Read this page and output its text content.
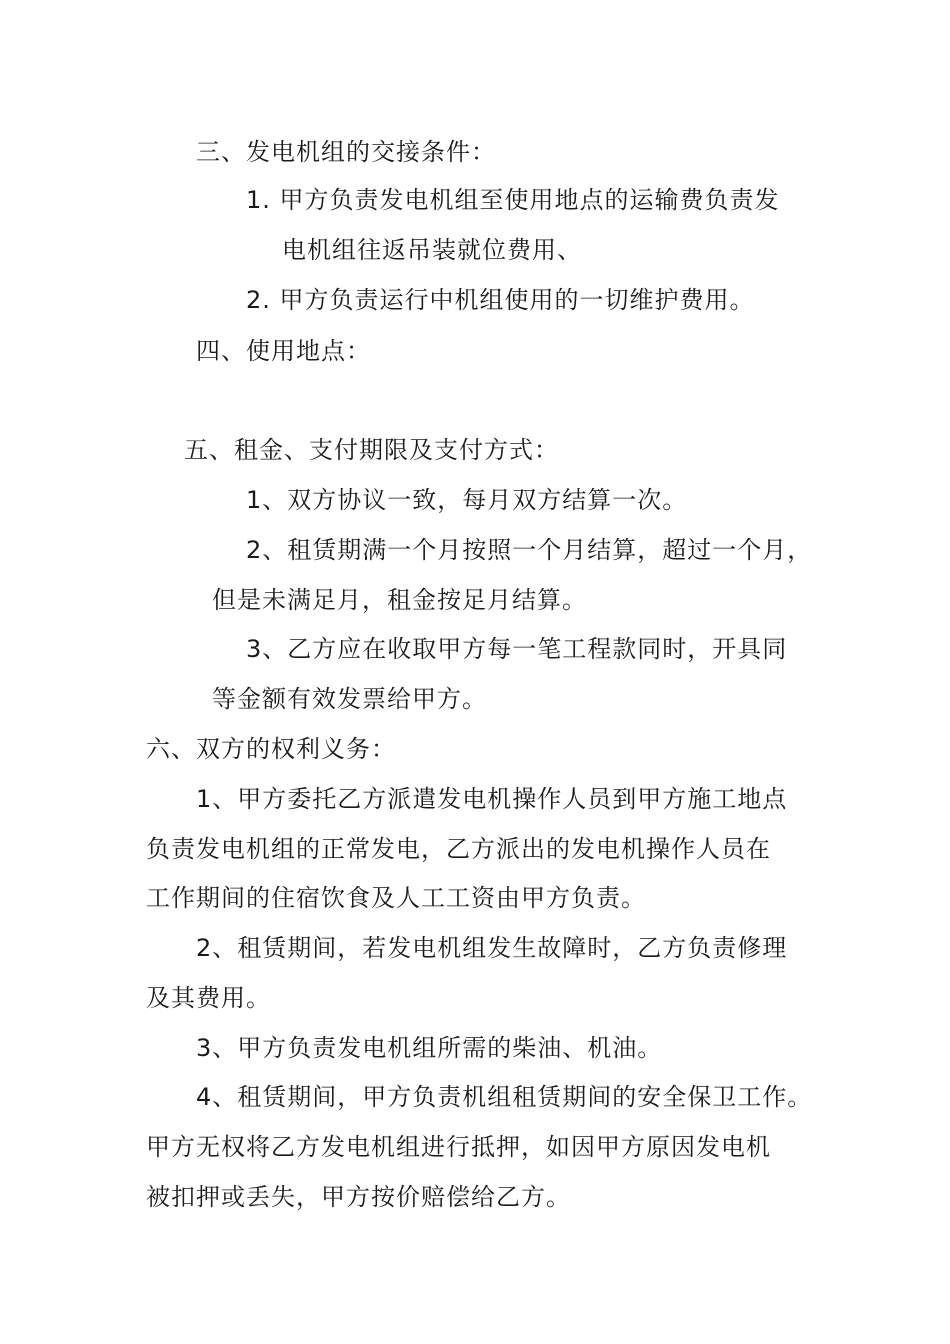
三、发电机组的交接条件：
1. 甲方负责发电机组至使用地点的运输费负责发
电机组往返吊装就位费用、
2. 甲方负责运行中机组使用的一切维护费用。
四、使用地点：
五、租金、支付期限及支付方式：
1、双方协议一致，每月双方结算一次。
2、租赁期满一个月按照一个月结算，超过一个月，
但是未满足月，租金按足月结算。
3、乙方应在收取甲方每一笔工程款同时，开具同
等金额有效发票给甲方。
六、双方的权利义务：
1、甲方委托乙方派遣发电机操作人员到甲方施工地点
负责发电机组的正常发电，乙方派出的发电机操作人员在
工作期间的住宿饮食及人工工资由甲方负责。
2、租赁期间，若发电机组发生故障时，乙方负责修理
及其费用。
3、甲方负责发电机组所需的柴油、机油。
4、租赁期间，甲方负责机组租赁期间的安全保卫工作。
甲方无权将乙方发电机组进行抵押，如因甲方原因发电机
被扣押或丢失，甲方按价赔偿给乙方。
